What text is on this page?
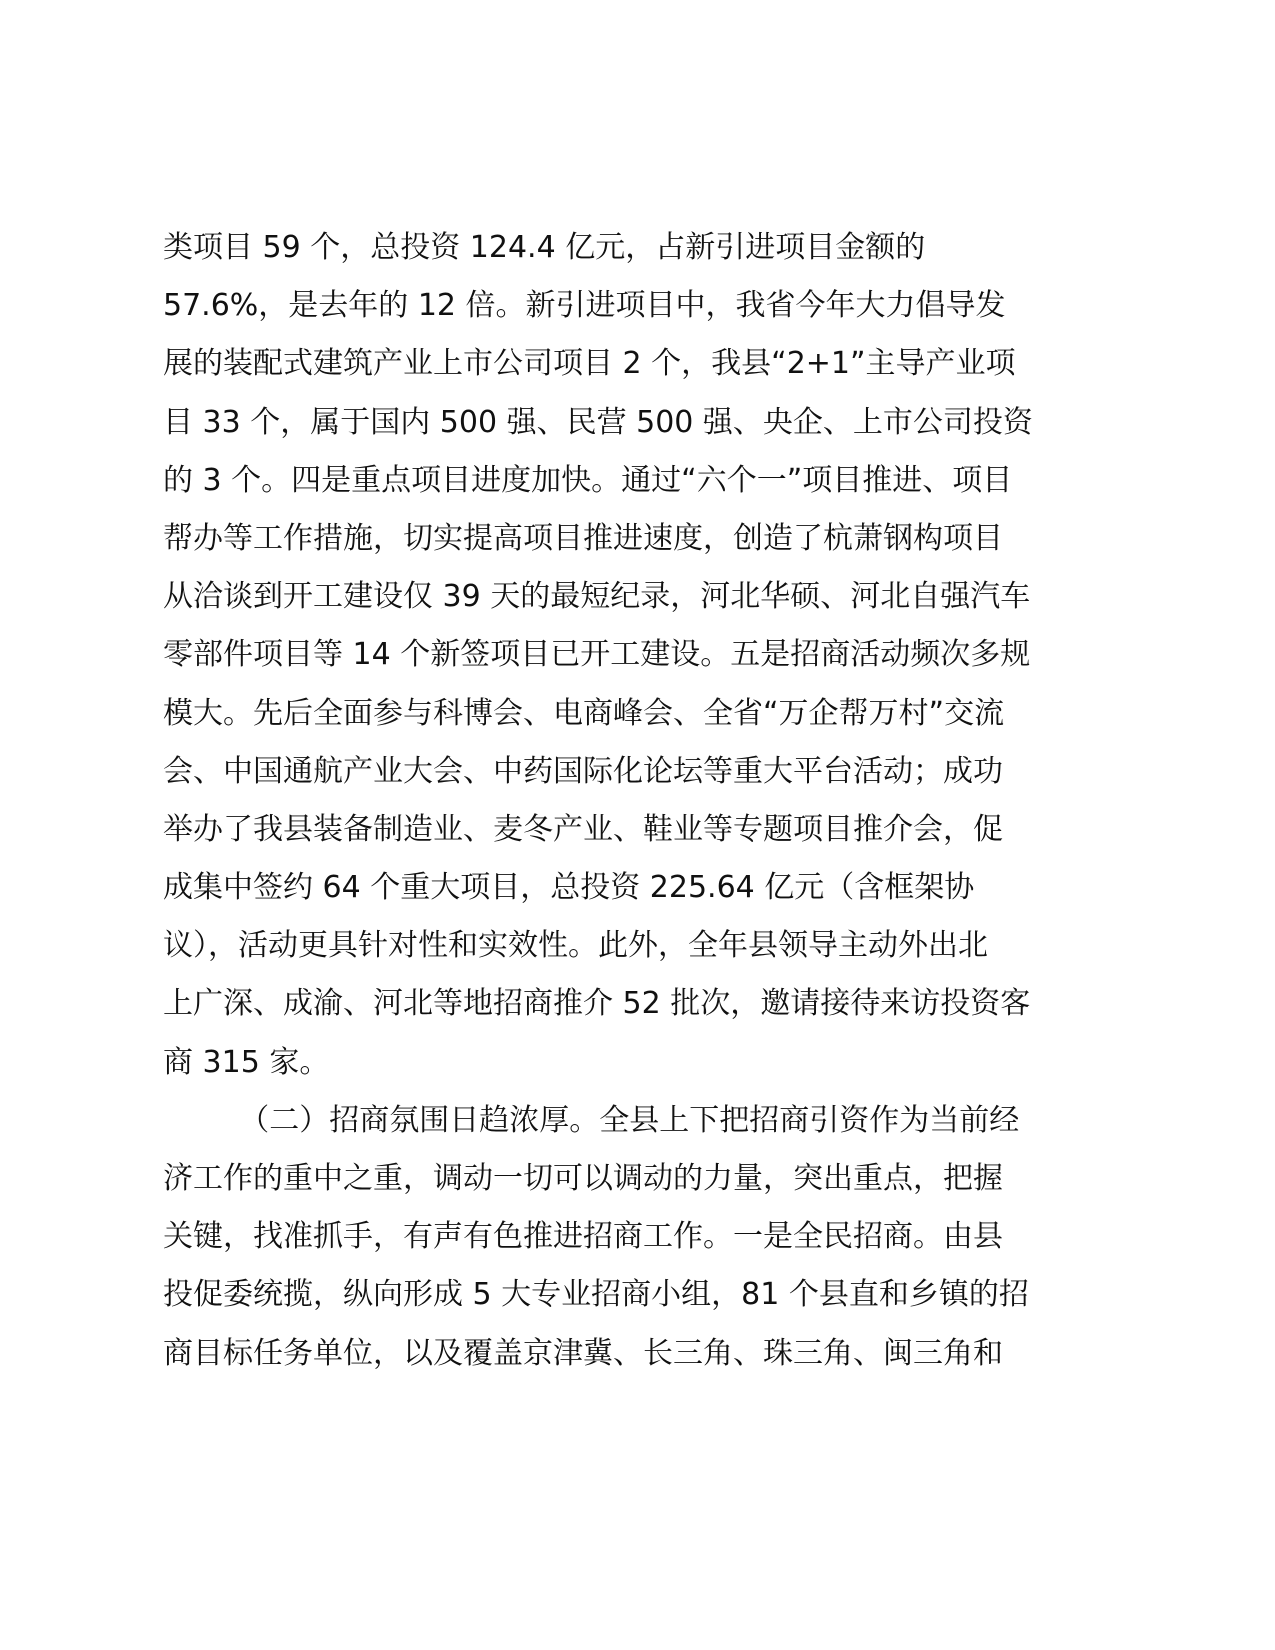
类项目 59 个，总投资 124.4 亿元，占新引进项目金额的
57.6%，是去年的 12 倍。新引进项目中，我省今年大力倡导发
展的装配式建筑产业上市公司项目 2 个，我县“2+1”主导产业项
目 33 个，属于国内 500 强、民营 500 强、央企、上市公司投资
的 3 个。四是重点项目进度加快。通过“六个一”项目推进、项目
帮办等工作措施，切实提高项目推进速度，创造了杭萧钢构项目
从洽谈到开工建设仅 39 天的最短纪录，河北华硕、河北自强汽车
零部件项目等 14 个新签项目已开工建设。五是招商活动频次多规
模大。先后全面参与科博会、电商峰会、全省“万企帮万村”交流
会、中国通航产业大会、中药国际化论坛等重大平台活动；成功
举办了我县装备制造业、麦冬产业、鞋业等专题项目推介会，促
成集中签约 64 个重大项目，总投资 225.64 亿元（含框架协
议），活动更具针对性和实效性。此外，全年县领导主动外出北
上广深、成渝、河北等地招商推介 52 批次，邀请接待来访投资客
商 315 家。
（二）招商氛围日趋浓厚。全县上下把招商引资作为当前经
济工作的重中之重，调动一切可以调动的力量，突出重点，把握
关键，找准抓手，有声有色推进招商工作。一是全民招商。由县
投促委统揽，纵向形成 5 大专业招商小组，81 个县直和乡镇的招
商目标任务单位，以及覆盖京津冀、长三角、珠三角、闽三角和
